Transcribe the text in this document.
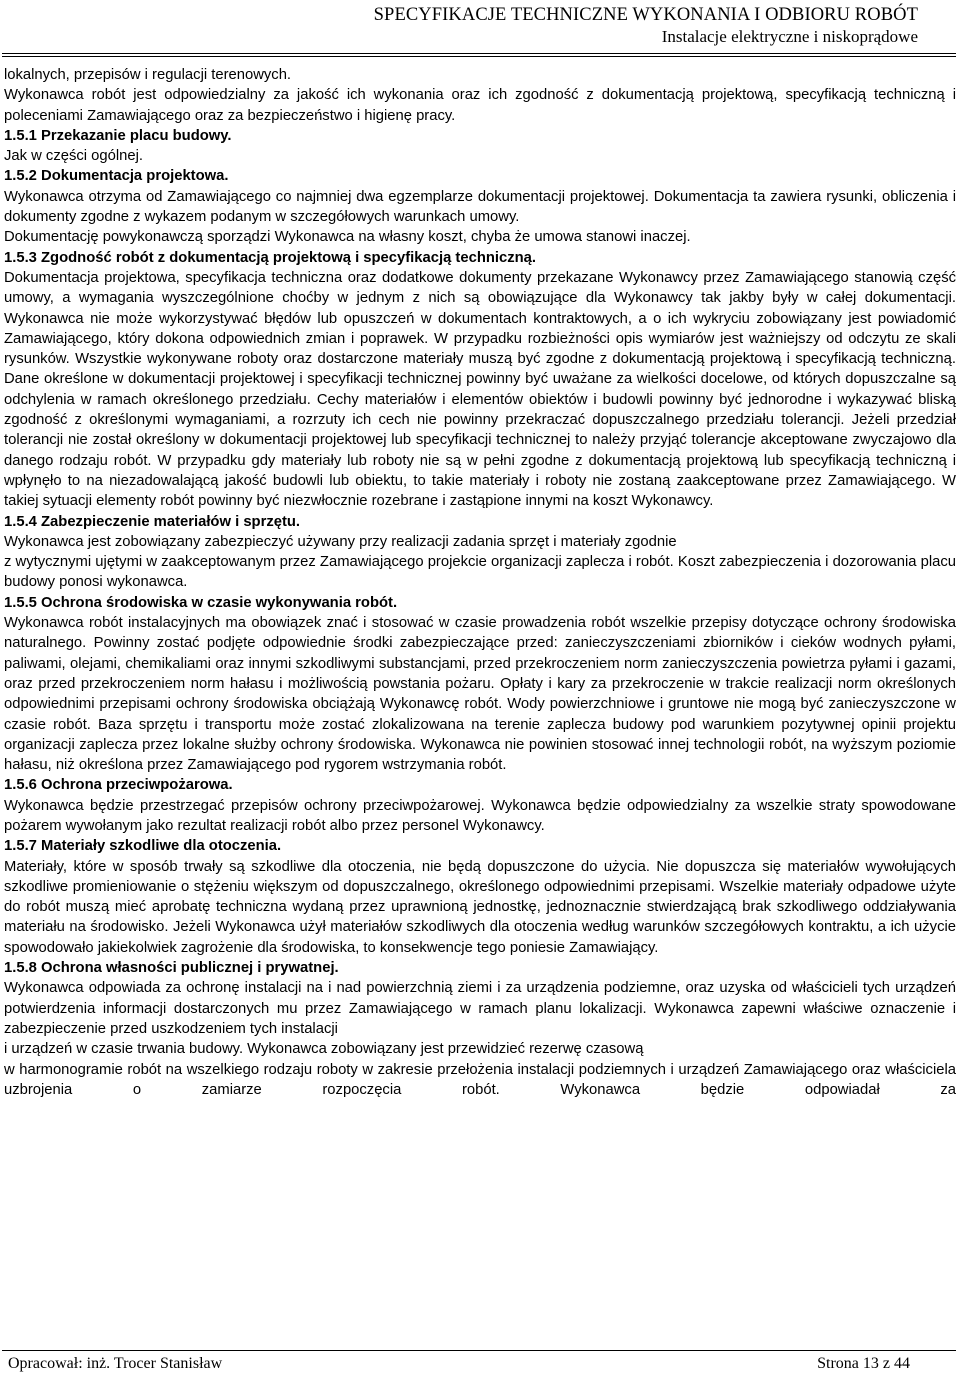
SPECYFIKACJE TECHNICZNE WYKONANIA I ODBIORU ROBÓT
Instalacje elektryczne i niskoprądowe

lokalnych, przepisów i regulacji terenowych.

Wykonawca robót jest odpowiedzialny za jakość ich wykonania oraz ich zgodność z dokumentacją projektową, specyfikacją techniczną i poleceniami Zamawiającego oraz za bezpieczeństwo i higienę pracy.

1.5.1 Przekazanie placu budowy.

Jak w części ogólnej.

1.5.2 Dokumentacja projektowa.

Wykonawca otrzyma od Zamawiającego co najmniej dwa egzemplarze dokumentacji projektowej. Dokumentacja ta zawiera rysunki, obliczenia i dokumenty zgodne z wykazem podanym w szczegółowych warunkach umowy.

Dokumentację powykonawczą sporządzi Wykonawca na własny koszt, chyba że umowa stanowi inaczej.

1.5.3 Zgodność robót z dokumentacją projektową i specyfikacją techniczną.

Dokumentacja projektowa, specyfikacja techniczna oraz dodatkowe dokumenty przekazane Wykonawcy przez Zamawiającego stanowią część umowy, a wymagania wyszczególnione choćby w jednym z nich są obowiązujące dla Wykonawcy tak jakby były w całej dokumentacji. Wykonawca nie może wykorzystywać błędów lub opuszczeń w dokumentach kontraktowych, a o ich wykryciu zobowiązany jest powiadomić Zamawiającego, który dokona odpowiednich zmian i poprawek. W przypadku rozbieżności opis wymiarów jest ważniejszy od odczytu ze skali rysunków. Wszystkie wykonywane roboty oraz dostarczone materiały muszą być zgodne z dokumentacją projektową i specyfikacją techniczną. Dane określone w dokumentacji projektowej i specyfikacji technicznej powinny być uważane za wielkości docelowe, od których dopuszczalne są odchylenia w ramach określonego przedziału. Cechy materiałów i elementów obiektów i budowli powinny być jednorodne i wykazywać bliską zgodność z określonymi wymaganiami, a rozrzuty ich cech nie powinny przekraczać dopuszczalnego przedziału tolerancji. Jeżeli przedział tolerancji nie został określony w dokumentacji projektowej lub specyfikacji technicznej to należy przyjąć tolerancje akceptowane zwyczajowo dla danego rodzaju robót. W przypadku gdy materiały lub roboty nie są w pełni zgodne z dokumentacją projektową lub specyfikacją techniczną i wpłynęło to na niezadowalającą jakość budowli lub obiektu, to takie materiały i roboty nie zostaną zaakceptowane przez Zamawiającego. W takiej sytuacji elementy robót powinny być niezwłocznie rozebrane i zastąpione innymi na koszt Wykonawcy.

1.5.4 Zabezpieczenie materiałów i sprzętu.

Wykonawca jest zobowiązany zabezpieczyć używany przy realizacji zadania sprzęt i materiały zgodnie

z wytycznymi ujętymi w zaakceptowanym przez Zamawiającego projekcie organizacji zaplecza i robót. Koszt zabezpieczenia i dozorowania placu budowy ponosi wykonawca.

1.5.5 Ochrona środowiska w czasie wykonywania robót.

Wykonawca robót instalacyjnych ma obowiązek znać i stosować w czasie prowadzenia robót wszelkie przepisy dotyczące ochrony środowiska naturalnego. Powinny zostać podjęte odpowiednie środki zabezpieczające przed: zanieczyszczeniami zbiorników i cieków wodnych pyłami, paliwami, olejami, chemikaliami oraz innymi szkodliwymi substancjami, przed przekroczeniem norm zanieczyszczenia powietrza pyłami i gazami, oraz przed przekroczeniem norm hałasu i możliwością powstania pożaru. Opłaty i kary za przekroczenie w trakcie realizacji norm określonych odpowiednimi przepisami ochrony środowiska obciążają Wykonawcę robót. Wody powierzchniowe i gruntowe nie mogą być zanieczyszczone w czasie robót. Baza sprzętu i transportu może zostać zlokalizowana na terenie zaplecza budowy pod warunkiem pozytywnej opinii projektu organizacji zaplecza przez lokalne służby ochrony środowiska. Wykonawca nie powinien stosować innej technologii robót, na wyższym poziomie hałasu, niż określona przez Zamawiającego pod rygorem wstrzymania robót.

1.5.6 Ochrona przeciwpożarowa.

Wykonawca będzie przestrzegać przepisów ochrony przeciwpożarowej. Wykonawca będzie odpowiedzialny za wszelkie straty spowodowane pożarem wywołanym jako rezultat realizacji robót albo przez personel Wykonawcy.

1.5.7 Materiały szkodliwe dla otoczenia.

Materiały, które w sposób trwały są szkodliwe dla otoczenia, nie będą dopuszczone do użycia. Nie dopuszcza się materiałów wywołujących szkodliwe promieniowanie o stężeniu większym od dopuszczalnego, określonego odpowiednimi przepisami. Wszelkie materiały odpadowe użyte do robót muszą mieć aprobatę techniczna wydaną przez uprawnioną jednostkę, jednoznacznie stwierdzającą brak szkodliwego oddziaływania materiału na środowisko. Jeżeli Wykonawca użył materiałów szkodliwych dla otoczenia według warunków szczegółowych kontraktu, a ich użycie spowodowało jakiekolwiek zagrożenie dla środowiska, to konsekwencje tego poniesie Zamawiający.

1.5.8 Ochrona własności publicznej i prywatnej.

Wykonawca odpowiada za ochronę instalacji na i nad powierzchnią ziemi i za urządzenia podziemne, oraz uzyska od właścicieli tych urządzeń potwierdzenia informacji dostarczonych mu przez Zamawiającego w ramach planu lokalizacji. Wykonawca zapewni właściwe oznaczenie i zabezpieczenie przed uszkodzeniem tych instalacji

i urządzeń w czasie trwania budowy. Wykonawca zobowiązany jest przewidzieć rezerwę czasową

w harmonogramie robót na wszelkiego rodzaju roboty w zakresie przełożenia instalacji podziemnych i urządzeń Zamawiającego oraz właściciela uzbrojenia o zamiarze rozpoczęcia robót. Wykonawca będzie odpowiadał za

Opracował: inż. Trocer Stanisław	Strona 13 z 44
